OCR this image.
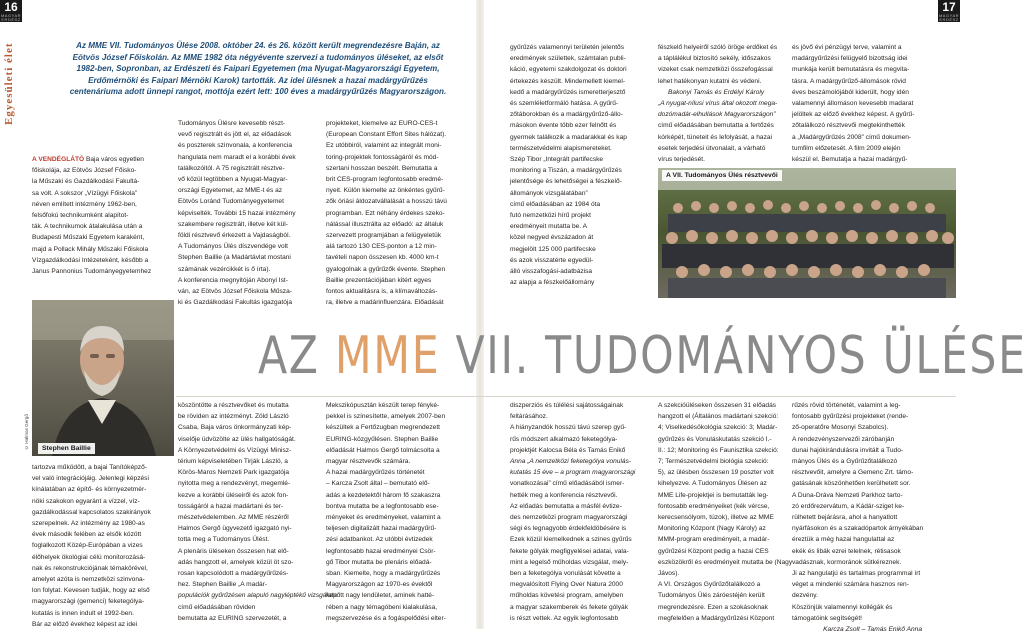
16
MAGYAR ERDÉSZ
17
MAGYAR ERDÉSZ
Egyesületi élet	Az MME VII. Tudományos Ülése 2008. október 24. és 26. között került megrendezésre Baján, az
Eötvös József Főiskolán. Az MME 1982 óta négyévente szervezi a tudományos üléseket, az elsőt
1982-ben, Sopronban, az Erdészeti és Faipari Egyetemen (ma Nyugat-Magyarországi Egyetem,
Erdőmérnöki és Faipari Mérnöki Karok) tartották. Az idei ülésnek a hazai madárgyűrűzés
centenáriuma adott ünnepi rangot, mottója ezért lett: 100 éves a madárgyűrűzés Magyarországon.
Stephen Baillie
© Halmos Gergő
A VII. Tudományos Ülés résztvevői
AZ MME VII. TUDOMÁNYOS ÜLÉSE
A VENDÉGLÁTÓ Baja város egyetlen
főiskolája, az Eötvös József Főisko-
la Műszaki és Gazdálkodási Fakultá-
sa volt. A sokszor „Vízügyi Főiskola”
néven említett intézmény 1962-ben,
felsőfokú technikumként alapítot-
ták. A technikumok átalakulása után a
Budapesti Műszaki Egyetem karaként,
majd a Pollack Mihály Műszaki Főiskola
Vízgazdálkodási Intézeteként, később a
Janus Pannonius Tudományegyetemhez
Tudományos Ülésre kevesebb részt-
vevő regisztrált és jött el, az előadások
és poszterek színvonala, a konferencia
hangulata nem maradt el a korábbi évek
találkozóitól. A 75 regisztrált résztve-
vő közül legtöbben a Nyugat-Magyar-
országi Egyetemet, az MME-t és az
Eötvös Loránd Tudományegyetemet
képviselték. További 15 hazai intézmény
szakembere regisztrált, illetve két kül-
földi résztvevő érkezett a Vajdaságból.
A Tudományos Ülés díszvendége volt
Stephen Baillie (a Madártávlat mostani
számának vezércikkét is ő írta).
A konferencia megnyitóján Abonyi Ist-
ván, az Eötvös József Főiskola Műsza-
ki és Gazdálkodási Fakultás igazgatója
projekteket, kiemelve az EURO-CES-t
(European Constant Effort Sites hálózat).
Ez utóbbiról, valamint az integrált moni-
toring-projektek fontosságáról és mód-
szertani hosszan beszélt. Bemutatta a
brit CES-program legfontosabb eredmé-
nyeit. Külön kiemelte az önkéntes gyűrű-
zők óriási áldozatvállalását a hosszú távú
programban. Ezt néhány érdekes szeko-
nálással illusztrálta az előadó: az általuk
szervezett programjában a felügyeletük
alá tartozó 130 CES-ponton a 12 min-
tavételi napon összesen kb. 4000 km-t
gyalogolnak a gyűrűzők évente. Stephen
Baillie prezentációjában kitért egyes
fontos aktualitásra is, a klímaváltozás-
ra, illetve a madárinfluenzára. Előadását
gyűrűzés valamennyi területén jelentős
eredmények születtek, számtalan publi-
káció, egyetemi szakdolgozat és doktori
értekezés készült. Mindemellett kiemel-
kedő a madárgyűrűzés ismeretterjesztő
és szemléletformáló hatása. A gyűrű-
zőtáborokban és a madárgyűrűző-állo-
másokon évente több ezer felnőtt és
gyermek találkozik a madarakkal és kap
természetvédelmi alapismereteket.
Szép Tibor „Integrált partifecske
monitoring a Tiszán, a madárgyűrűzés
jelentősége és lehetőségei a fészkelő-
állományok vizsgálatában”
című előadásában az 1984 óta
futó nemzetközi hírű projekt
eredményeit mutatta be. A
közel negyed évszázadon át
megjelölt 125 000 partifecske
és azok visszatérte egyedül-
álló visszafogási-adatbázisa
az alapja a fészkelőállomány
fészkelő helyeiről szóló öröge erdőket és
a táplálékul biztosító sekély, időszakos
vizeket csak nemzetközi összefogással
lehet hatékonyan kutatni és védeni.
Bakonyi Tamás és Erdélyi Károly
„A nyugat-nílusi vírus által okozott mega-
dozómadár-elhullások Magyarországon”
című előadásában bemutatta a fertőzés
kórképét, tüneteit és lefolyását, a hazai
esetek terjedési útvonalait, a várható
vírus terjedését.
és jövő évi pénzügyi terve, valamint a
madárgyűrűzési felügyelő bizottság idei
munkája került bemutatásra és megvita-
tásra. A madárgyűrűző-állomások rövid
éves beszámolójából kiderült, hogy idén
valamennyi állomáson kevesebb madarat
jelöltek az előző évekhez képest. A gyűrű-
zőtalálkozó résztvevői megtekinthették
a „Madárgyűrűzés 2008” című dokumen-
tumfilm előzetesét. A film 2009 elején
készül el. Bemutatja a hazai madárgyű-
tartozva működött, a bajai Tanítóképző-
vel való integrációjáig. Jelenlegi képzési
kínálatában az építő- és környezetmér-
nöki szakokon egyaránt a vízzel, víz-
gazdálkodással kapcsolatos szakirányok
szerepelnek. Az intézmény az 1980-as
évek második felében az elsők között
foglalkozott Közép-Európában a vizes
élőhelyek ökológiai célú monitorozásá-
nak és rekonstrukciójának témakörével,
amelyet azóta is nemzetközi szinvona-
lon folytat. Kevesen tudják, hogy az első
magyarországi (gemenci) feketególya-
kutatás is innen indult el 1992-ben.
Bár az előző évekhez képest az idei
köszöntötte a résztvevőket és mutatta
be röviden az intézményt. Zöld László
Csaba, Baja város önkormányzati kép-
viselője üdvözölte az ülés hallgatóságát.
A Környezetvédelmi és Vízügyi Minisz-
térium képviseletében Tirják László, a
Körös-Maros Nemzeti Park igazgatója
nyitotta meg a rendezvényt, megemlé-
kezve a korábbi üléseiről és azok fon-
tosságáról a hazai madártani és ter-
mészetvédelemben. Az MME részéről
Halmos Gergő ügyvezető igazgató nyi-
totta meg a Tudományos Ülést.
A plenáris üléseken összesen hat elő-
adás hangzott el, amelyek közül öt szo-
rosan kapcsolódott a madárgyűrűzés-
hez. Stephen Baillie „A madár-
populációk gyűrűzésen alapuló nagyléptékű vizsgálata”
című előadásában röviden
bemutatta az EURING szervezetét, a
Mekszikópusztán készült terep fényké-
pekkel is színesítette, amelyek 2007-ben
készültek a Fertőzugban megrendezett
EURING-közgyűlésen. Stephen Baillie
előadását Halmos Gergő tolmácsolta a
magyar résztvevők számára.
A hazai madárgyűrűzés történetét
– Karcza Zsolt által – bemutató elő-
adás a kezdetektől három fő szakaszra
bontva mutatta be a legfontosabb ese-
ményeket és eredményeket, valamint a
teljesen digitalizált hazai madárgyűrű-
zési adatbankot. Az utóbbi évtizedek
legfontosabb hazai eredményei Csör-
gő Tibor mutatta be plenáris előadá-
sban. Kiemelte, hogy a madárgyűrűzés
Magyarországon az 1970-es évektől
kapott nagy lendületet, aminek hatté-
rében a nagy témagóbeni kialakulása,
megszervezése és a fogáspelődési elter-
diszperziós és túlélési sajátosságainak
feltárásához.
A hiányzandók hosszú távú szerep gyű-
rűs módszert alkalmazó feketególya-
projektjét Kalocsa Béla és Tamás Enikő
Anna „A nemzetközi feketególya vonulás-
kutatás 15 éve – a program magyarországi
vonatkozásai” című előadásából ismer-
hették meg a konferencia résztvevői.
Az előadás bemutatta a másfél évtize-
des nemzetközi program magyarországi
ségi és legnagyobb érdekfeldöbésére is
Ezek közül kiemelkednek a szines gyűrűs
fekete gólyák megfigyelései adatai, vala-
mint a legelső műholdas vizsgálat, mely-
ben a feketególya vonulását követte a
megvalósított Flying Over Natura 2000
műholdas követési program, amelyben
a magyar szakemberek és fekete gólyák
is részt vettek. Az egyik legfontosabb
A szekcióüléseken összesen 31 előadás
hangzott el (Általános madártani szekció:
4; Viselkedésökológia szekció: 3; Madár-
gyűrűzés és Vonuláskutatás szekció I.-
II.: 12; Monitoring és Faunisztika szekció:
7; Természetvédelmi biológia szekció:
5), az ülésben összesen 19 poszter volt
kihelyezve. A Tudományos Ülésen az
MME Life-projektjei is bemutatták leg-
fontosabb eredményeiket (kék vércse,
kerecsensólyom, túzok), illetve az MME
Monitoring Központ (Nagy Károly) az
MMM-program eredményeit, a madár-
gyűrűzési Központ pedig a hazai CES
eszközökről és eredményeit mutatta be (Nagy
Jávos).
A VI. Országos Gyűrűzőtalálkozó a
Tudományos Ülés záróestéjén került
megrendezésre. Ezen a szokásoknak
megfelelően a Madárgyűrűzési Központ
rűzés rövid történetét, valamint a leg-
fontosabb gyűrűzési projekteket (rende-
ző-operatőre Mosonyi Szabolcs).
A rendezvényszervezői záróbanján
dunai hajókirándulásra invitált a Tudo-
mányos Ülés és a Gyűrűzőtalálkozó
résztvevőit, amelyre a Gemenc Zrt. támo-
gatásának köszönhetően kerülhetett sor.
A Duna-Dráva Nemzeti Parkhoz tarto-
zó erdőrezervátum, a Kádár-sziget ke-
rülhetett bejárásra, ahol a hanyatlott
nyárfásokon és a szakadópartok árnyékában
éreztük a még hazai hangulattal az
ekék és libák ezrei telelnek, rétisasok
vadásznak, kormoránok sütkéreznek.
Ji az hangulatjú és tartalmas programmal írt
véget a mindenki számára hasznos ren-
dezvény.
Köszönjük valamennyi kollégák és
támogatóink segítségét!
Karcza Zsolt – Tamás Enikő Anna
